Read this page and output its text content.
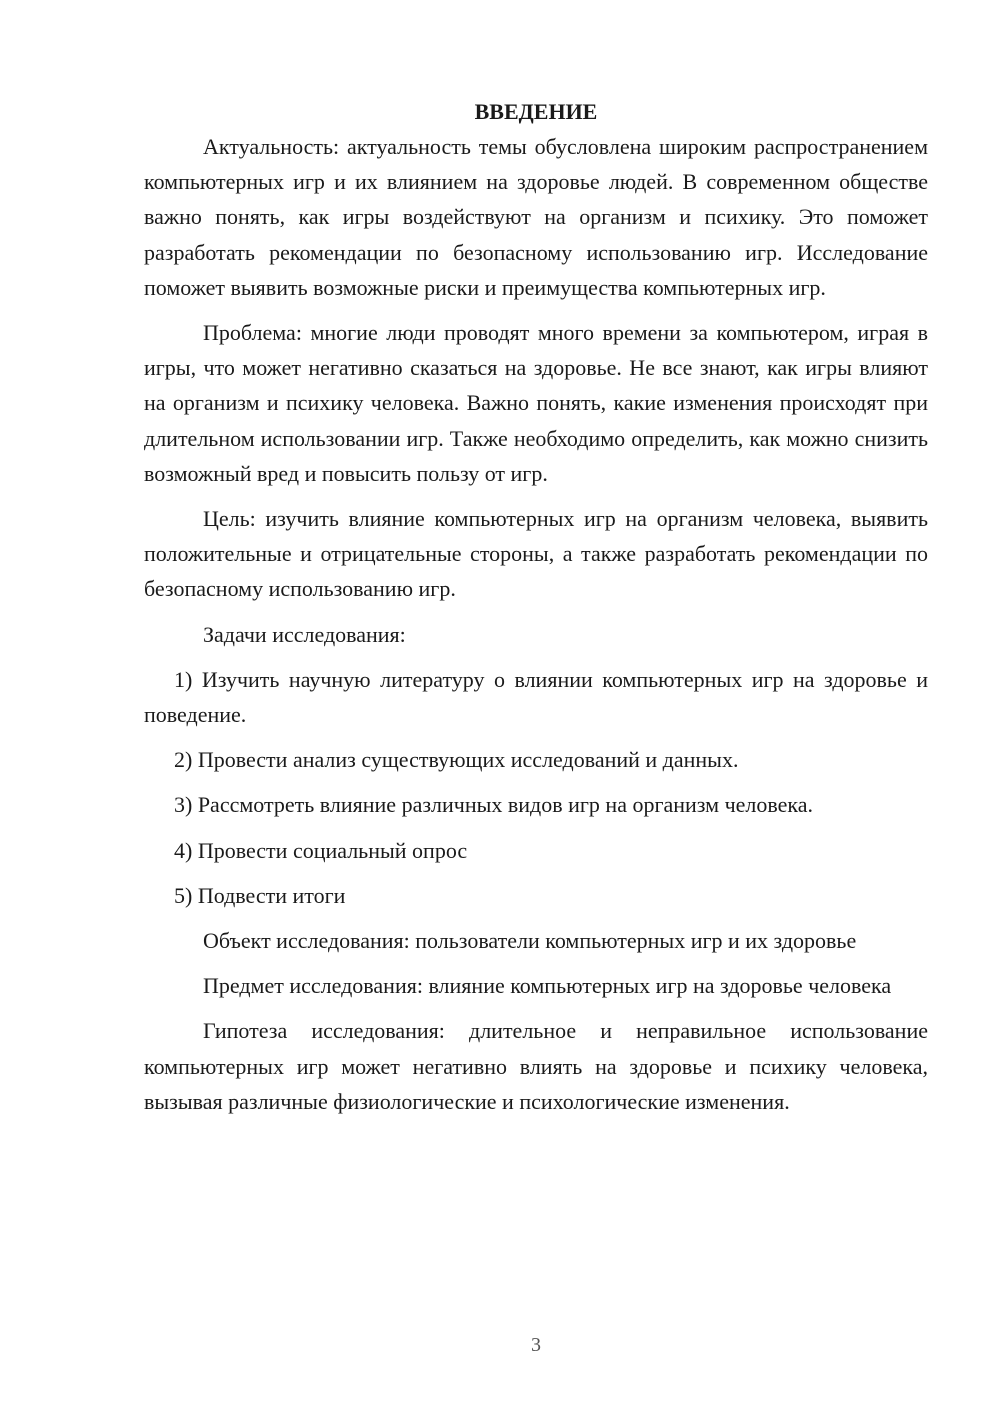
ВВЕДЕНИЕ

Актуальность: актуальность темы обусловлена широким распространением компьютерных игр и их влиянием на здоровье людей. В современном обществе важно понять, как игры воздействуют на организм и психику. Это поможет разработать рекомендации по безопасному использованию игр. Исследование поможет выявить возможные риски и преимущества компьютерных игр.

Проблема: многие люди проводят много времени за компьютером, играя в игры, что может негативно сказаться на здоровье. Не все знают, как игры влияют на организм и психику человека. Важно понять, какие изменения происходят при длительном использовании игр. Также необходимо определить, как можно снизить возможный вред и повысить пользу от игр.

Цель: изучить влияние компьютерных игр на организм человека, выявить положительные и отрицательные стороны, а также разработать рекомендации по безопасному использованию игр.

Задачи исследования:

1) Изучить научную литературу о влиянии компьютерных игр на здоровье и поведение.

2) Провести анализ существующих исследований и данных.

3) Рассмотреть влияние различных видов игр на организм человека.

4) Провести социальный опрос

5) Подвести итоги

Объект исследования: пользователи компьютерных игр и их здоровье

Предмет исследования: влияние компьютерных игр на здоровье человека

Гипотеза исследования: длительное и неправильное использование компьютерных игр может негативно влиять на здоровье и психику человека, вызывая различные физиологические и психологические изменения.

3
